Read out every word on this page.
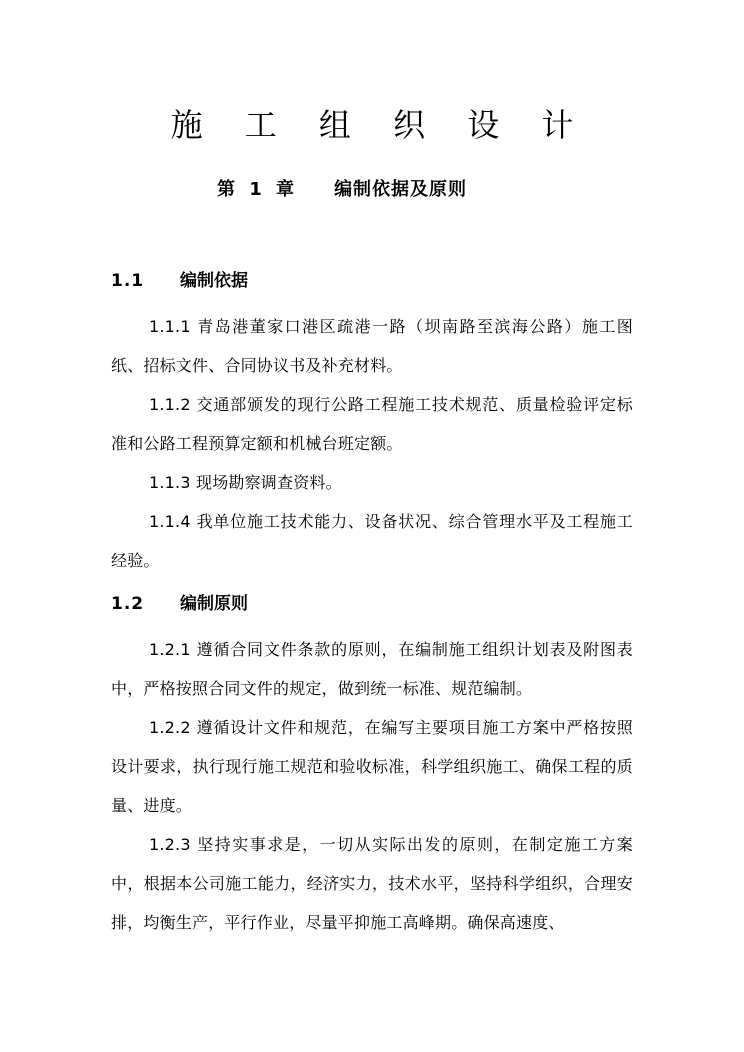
施 工 组 织 设 计
第 1 章 编制依据及原则
1.1 编制依据
1.1.1 青岛港董家口港区疏港一路（坝南路至滨海公路）施工图纸、招标文件、合同协议书及补充材料。
1.1.2 交通部颁发的现行公路工程施工技术规范、质量检验评定标准和公路工程预算定额和机械台班定额。
1.1.3 现场勘察调查资料。
1.1.4 我单位施工技术能力、设备状况、综合管理水平及工程施工经验。
1.2 编制原则
1.2.1 遵循合同文件条款的原则，在编制施工组织计划表及附图表中，严格按照合同文件的规定，做到统一标准、规范编制。
1.2.2 遵循设计文件和规范，在编写主要项目施工方案中严格按照设计要求，执行现行施工规范和验收标准，科学组织施工、确保工程的质量、进度。
1.2.3 坚持实事求是，一切从实际出发的原则，在制定施工方案中，根据本公司施工能力，经济实力，技术水平，坚持科学组织，合理安排，均衡生产，平行作业，尽量平抑施工高峰期。确保高速度、
